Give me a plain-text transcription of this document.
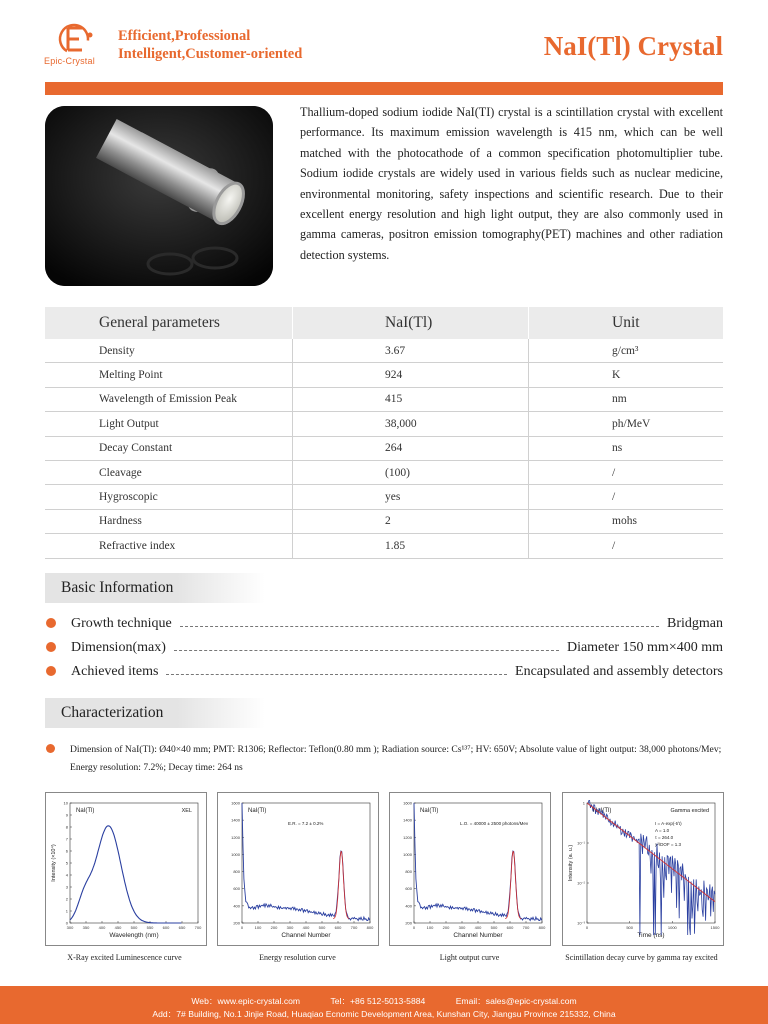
Epic-Crystal
Efficient,Professional
Intelligent,Customer-oriented	NaI(Tl) Crystal
Thallium-doped sodium iodide NaI(TI) crystal is a scintillation crystal with excellent performance. Its maximum emission wavelength is 415 nm, which can be well matched with the photocathode of a common specification photomultiplier tube. Sodium iodide crystals are widely used in various fields such as nuclear medicine, environmental monitoring, safety inspections and scientific research. Due to their excellent energy resolution and high light output, they are also commonly used in gamma cameras, positron emission tomography(PET) machines and other radiation detection systems.
General parameters	NaI(Tl)	Unit
Density	3.67	g/cm³
Melting Point	924	K
Wavelength of Emission Peak	415	nm
Light Output	38,000	ph/MeV
Decay Constant	264	ns
Cleavage	(100)	/
Hygroscopic	yes	/
Hardness	2	mohs
Refractive index	1.85	/
Basic Information
Growth technique	Bridgman
Dimension(max)	Diameter 150 mm×400 mm
Achieved items	Encapsulated and assembly detectors
Characterization
Dimension of NaI(Tl): Ø40×40 mm; PMT: R1306; Reflector: Teflon(0.80 mm ); Radiation source: Cs¹³⁷; HV: 650V; Absolute value of light output: 38,000 photons/Mev; Energy resolution: 7.2%; Decay time: 264 ns
300 350 400 450 500 550 600 650 700
10
9
8
7
6
5
4
3
2
1
0
Wavelength (nm)
Intensity (×10⁴)
NaI(Tl)	XEL
0	100 200 300 400 500 600 700 800
1600
1400
1200
1000
800
600
400
200
Channel Number
NaI(Tl)
E.R. = 7.2 ± 0.2%
0	100 200 300 400 500 600 700 800
1600
1400
1200
1000
800
600
400
200
Channel Number
NaI(Tl)
L.O. = 40000 ± 2500 photons/Mev
0	500	1000	1500
1
10⁻¹
10⁻²
10⁻³
Time (ns)
Intensity (a. u.)
NaI(Tl)	Gamma excited
I = A·exp(-t/τ)
A = 1.0
τ = 264.0
χ²/DOF = 1.3
X-Ray excited Luminescence curve	Energy resolution curve	Light output curve	Scintillation decay curve by gamma ray excited
Web：www.epic-crystal.com	Tel：+86 512-5013-5884	Email：sales@epic-crystal.com
Add：7# Building, No.1 Jinjie Road, Huaqiao Ecnomic Development Area, Kunshan City, Jiangsu Province 215332, China
